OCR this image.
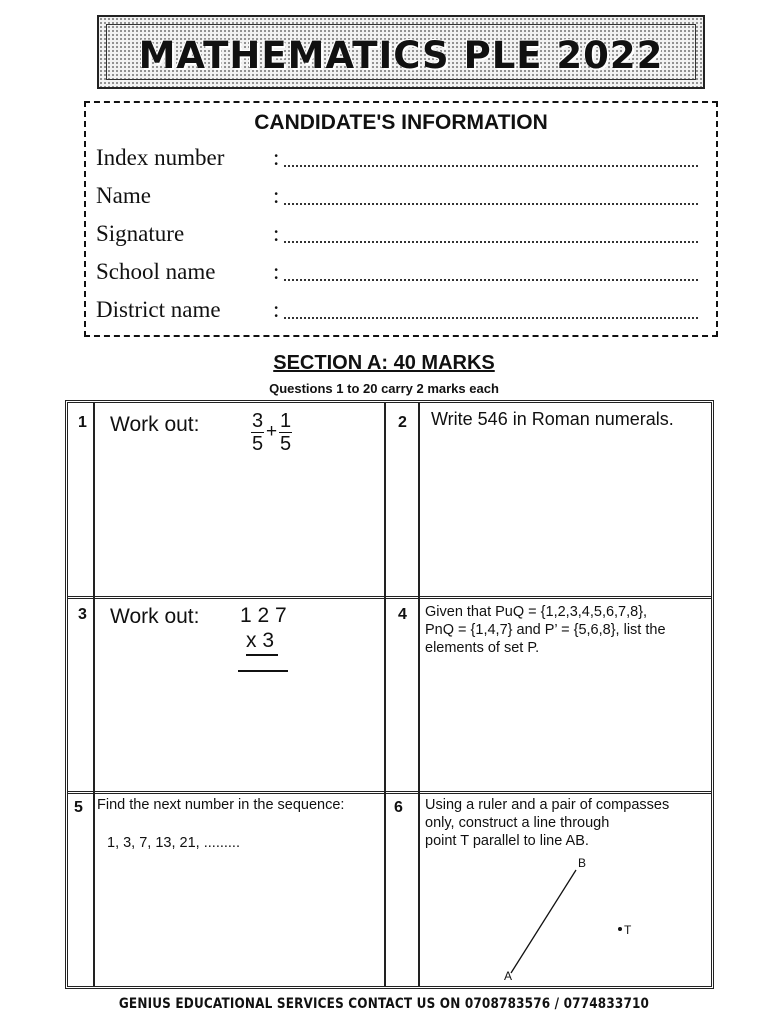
MATHEMATICS PLE 2022
CANDIDATE'S INFORMATION
Index number :
Name	:
Signature	:
School name	:
District name :
SECTION A: 40 MARKS
Questions 1 to 20 carry 2 marks each
1 Work out:	$\frac{3}{5} + \frac{1}{5}$	2 Write 546 in Roman numerals.
3 Work out: 1 2 7
x 3
4 Given that PuQ = {1,2,3,4,5,6,7,8},
PnQ = {1,4,7} and P’ = {5,6,8}, list the
elements of set P.
5 Find the next number in the sequence:
1, 3, 7, 13, 21, .........
6 Using a ruler and a pair of compasses
only, construct a line through
point T parallel to line AB.
A
B
T
GENIUS EDUCATIONAL SERVICES CONTACT US ON 0708783576 / 0774833710
